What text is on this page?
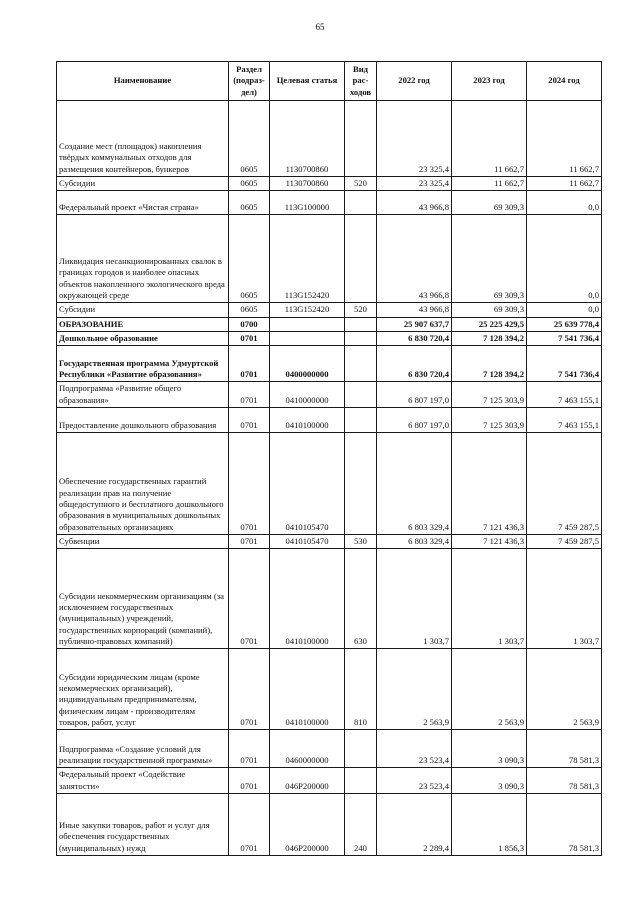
65
Наименование	Раздел (подраз-дел)	Целевая статья	Вид рас-ходов	2022 год	2023 год	2024 год
Создание мест (площадок) накопления твёрдых коммунальных отходов для размещения контейнеров, бункеров	0605	1130700860		23 325,4	11 662,7	11 662,7
Субсидии	0605	1130700860	520	23 325,4	11 662,7	11 662,7
Федеральный проект «Чистая страна»	0605	113G100000		43 966,8	69 309,3	0,0
Ликвидация несанкционированных свалок в границах городов и наиболее опасных объектов накопленного экологического вреда окружающей среде	0605	113G152420		43 966,8	69 309,3	0,0
Субсидии	0605	113G152420	520	43 966,8	69 309,3	0,0
ОБРАЗОВАНИЕ	0700			25 907 637,7	25 225 429,5	25 639 778,4
Дошкольное образование	0701			6 830 720,4	7 128 394,2	7 541 736,4
Государственная программа Удмуртской Республики «Развитие образования»	0701	0400000000		6 830 720,4	7 128 394,2	7 541 736,4
Подпрограмма «Развитие общего образования»	0701	0410000000		6 807 197,0	7 125 303,9	7 463 155,1
Предоставление дошкольного образования	0701	0410100000		6 807 197,0	7 125 303,9	7 463 155,1
Обеспечение государственных гарантий реализации прав на получение общедоступного и бесплатного дошкольного образования в муниципальных дошкольных образовательных организациях	0701	0410105470		6 803 329,4	7 121 436,3	7 459 287,5
Субвенции	0701	0410105470	530	6 803 329,4	7 121 436,3	7 459 287,5
Субсидии некоммерческим организациям (за исключением государственных (муниципальных) учреждений, государственных корпораций (компаний), публично-правовых компаний)	0701	0410100000	630	1 303,7	1 303,7	1 303,7
Субсидии юридическим лицам (кроме некоммерческих организаций), индивидуальным предпринимателям, физическим лицам - производителям товаров, работ, услуг	0701	0410100000	810	2 563,9	2 563,9	2 563,9
Подпрограмма «Создание условий для реализации государственной программы»	0701	0460000000		23 523,4	3 090,3	78 581,3
Федеральный проект «Содействие занятости»	0701	046P200000		23 523,4	3 090,3	78 581,3
Иные закупки товаров, работ и услуг для обеспечения государственных (муниципальных) нужд	0701	046P200000	240	2 289,4	1 856,3	78 581,3
